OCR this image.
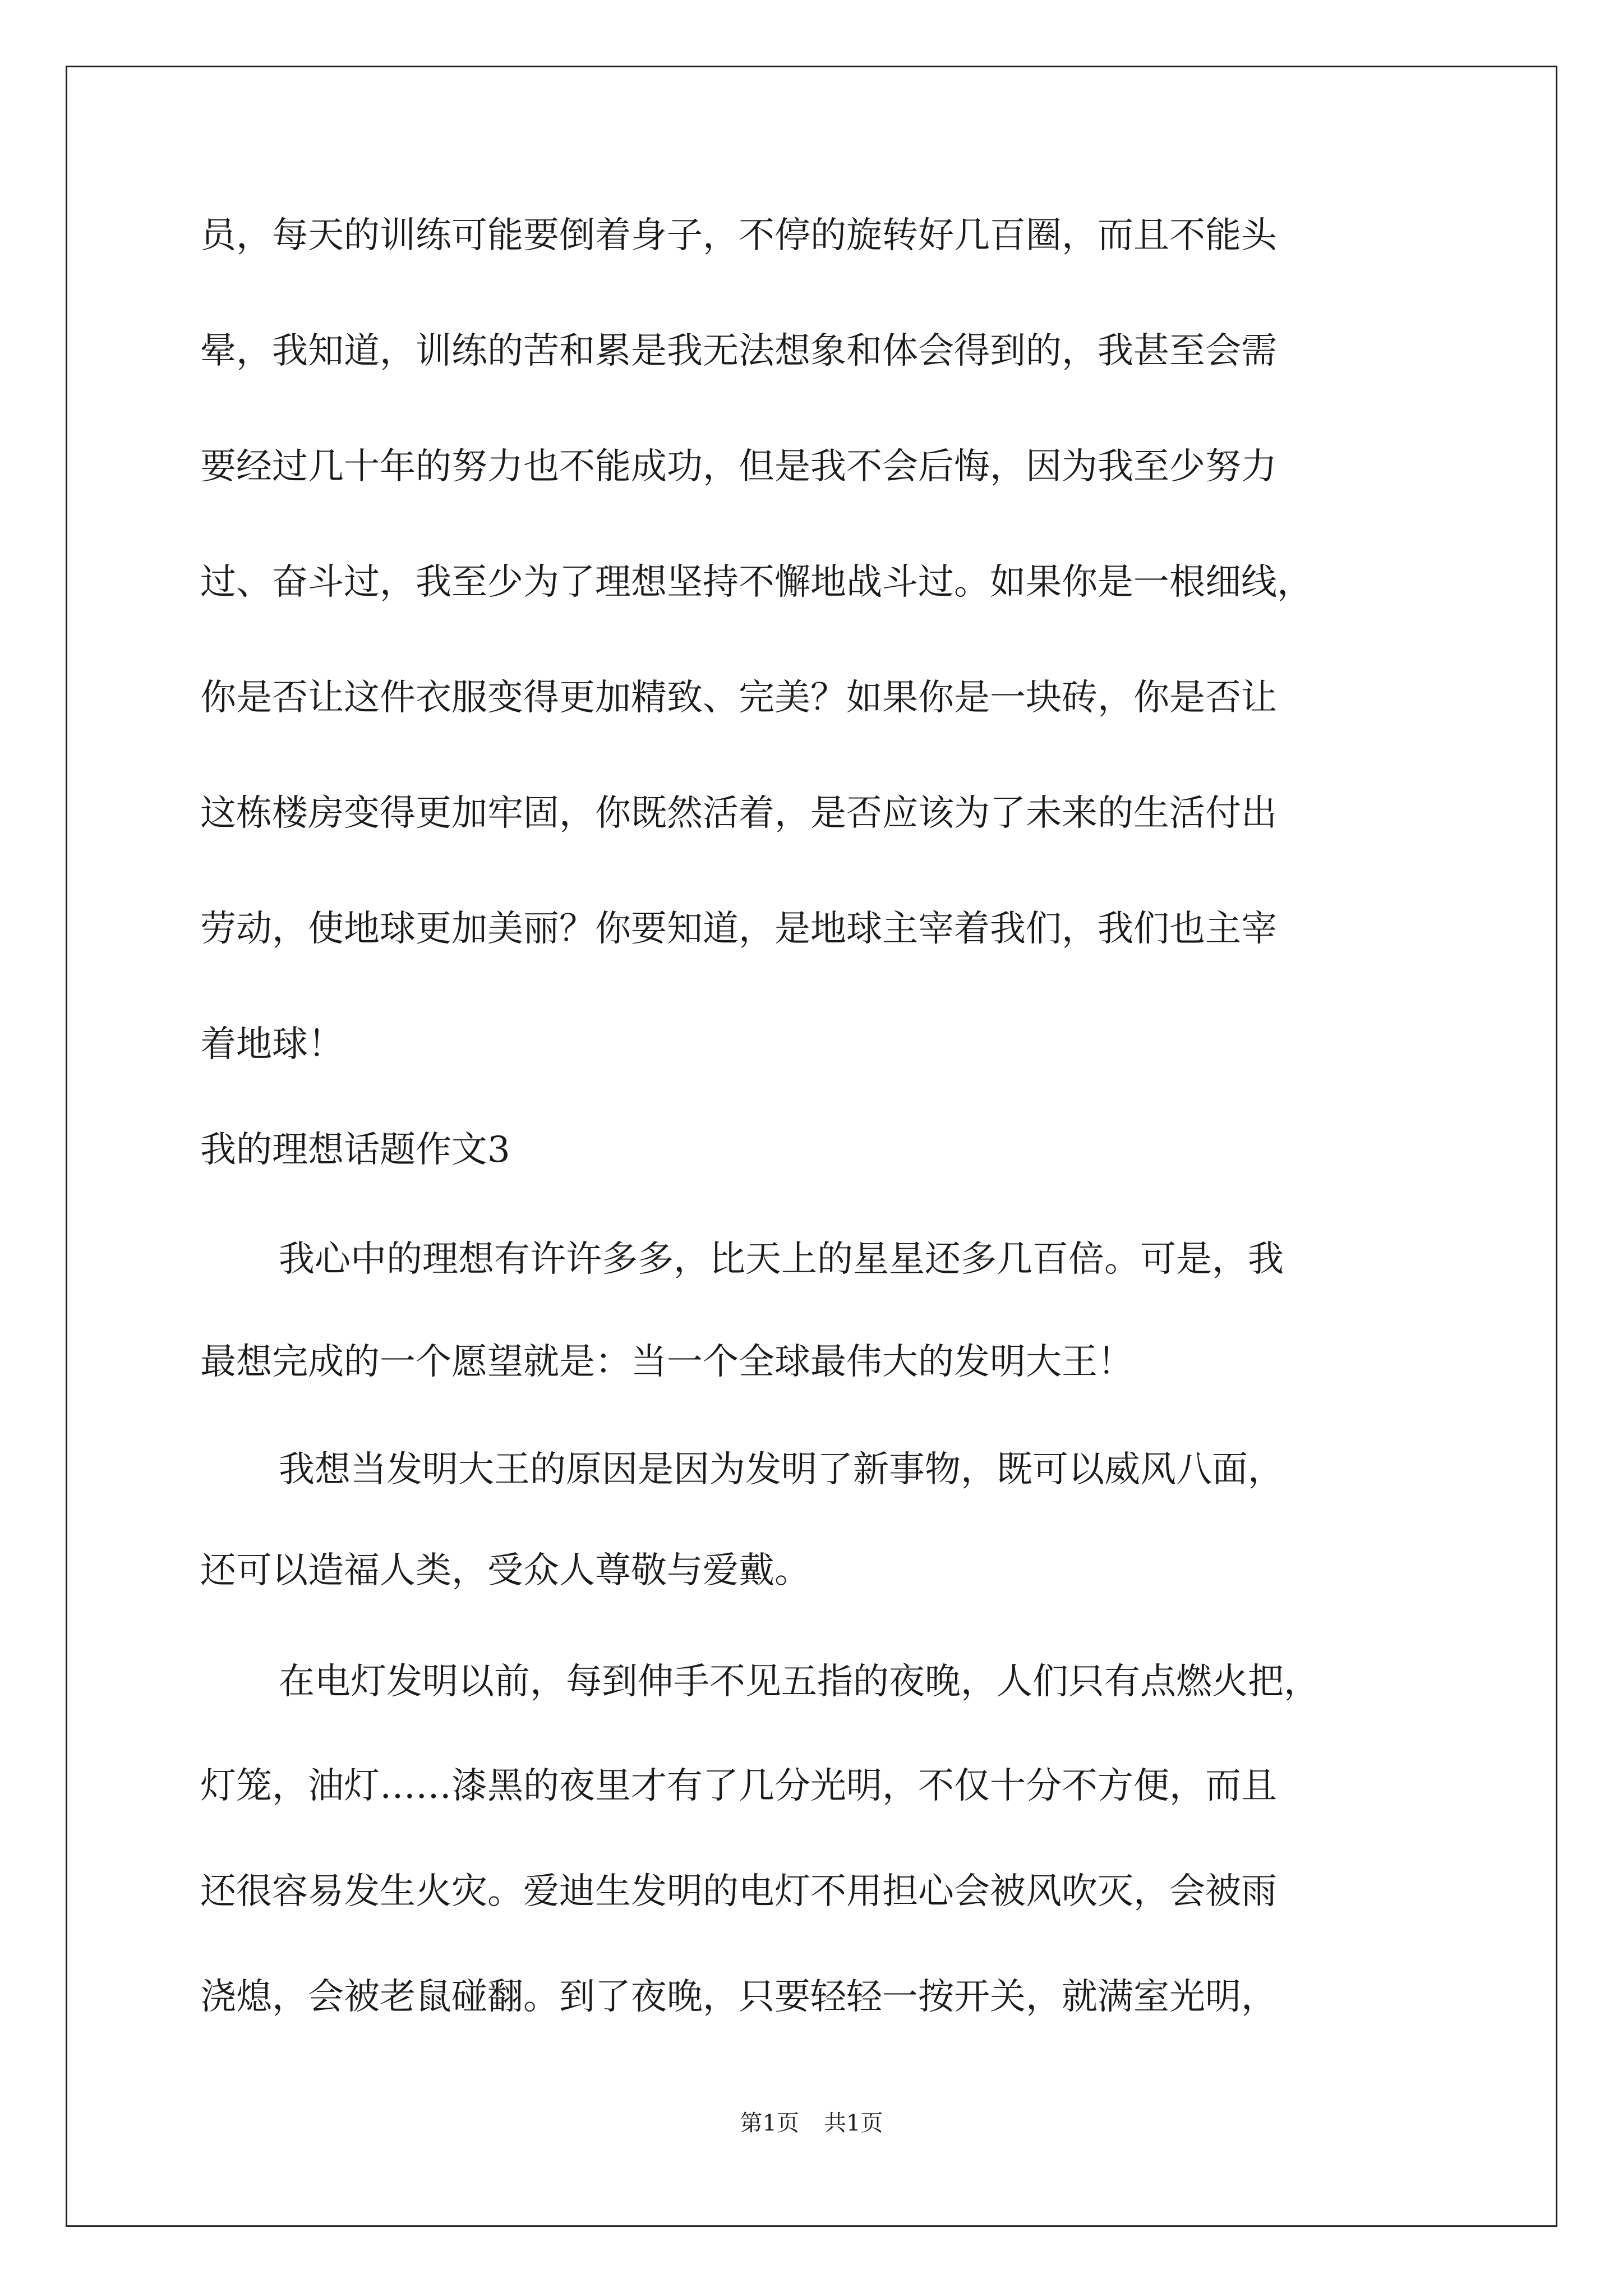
员，每天的训练可能要倒着身子，不停的旋转好几百圈，而且不能头
晕，我知道，训练的苦和累是我无法想象和体会得到的，我甚至会需
要经过几十年的努力也不能成功，但是我不会后悔，因为我至少努力
过、奋斗过，我至少为了理想坚持不懈地战斗过。如果你是一根细线，
你是否让这件衣服变得更加精致、完美？如果你是一块砖，你是否让
这栋楼房变得更加牢固，你既然活着，是否应该为了未来的生活付出
劳动，使地球更加美丽？你要知道，是地球主宰着我们，我们也主宰
着地球！
我的理想话题作文3
我心中的理想有许许多多，比天上的星星还多几百倍。可是，我
最想完成的一个愿望就是：当一个全球最伟大的发明大王！
我想当发明大王的原因是因为发明了新事物，既可以威风八面，
还可以造福人类，受众人尊敬与爱戴。
在电灯发明以前，每到伸手不见五指的夜晚，人们只有点燃火把，
灯笼，油灯……漆黑的夜里才有了几分光明，不仅十分不方便，而且
还很容易发生火灾。爱迪生发明的电灯不用担心会被风吹灭，会被雨
浇熄，会被老鼠碰翻。到了夜晚，只要轻轻一按开关，就满室光明，
第1页 共1页
